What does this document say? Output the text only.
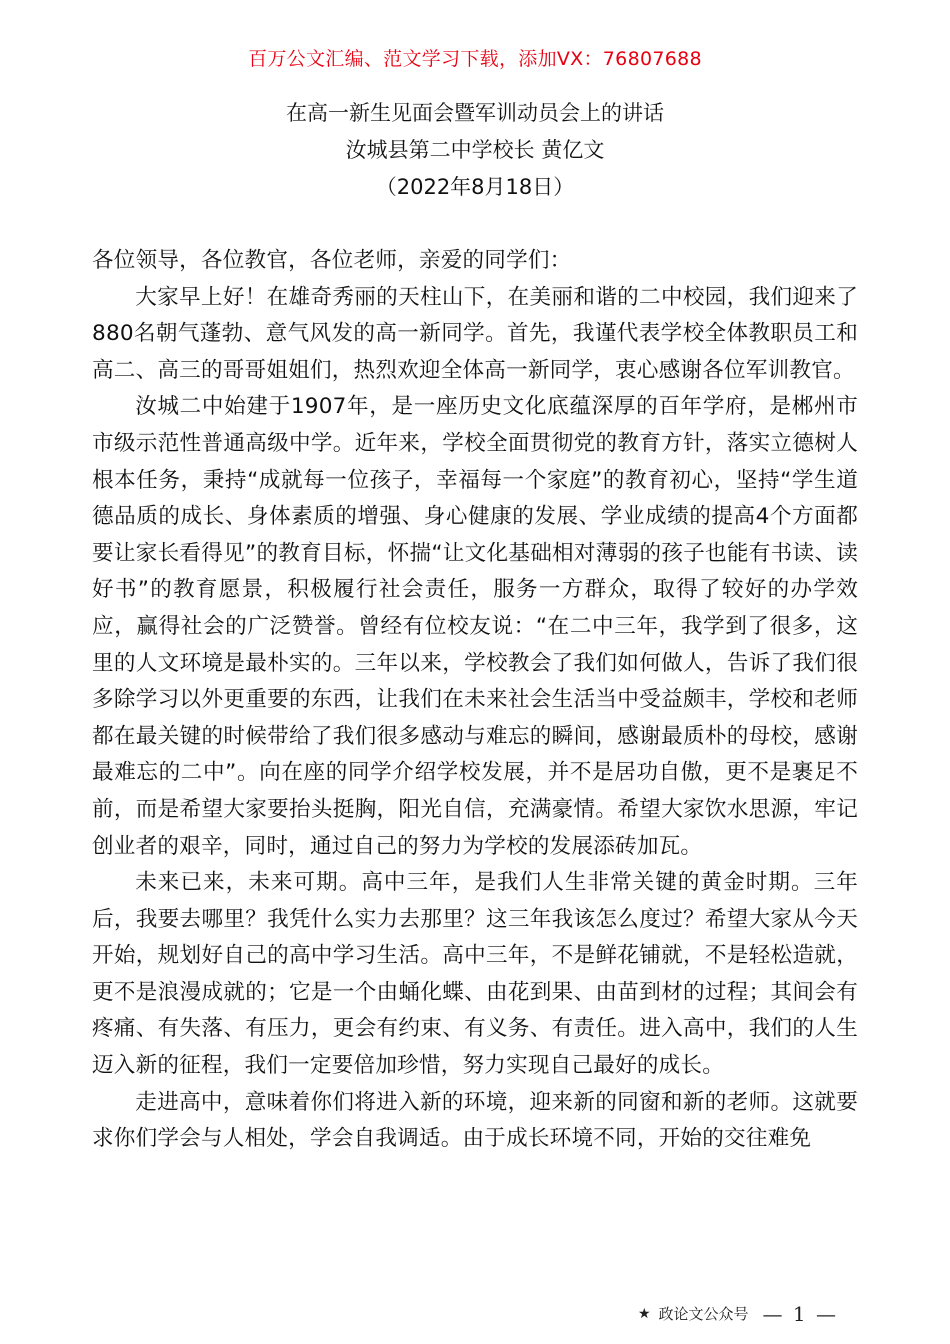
百万公文汇编、范文学习下载，添加VX：76807688
在高一新生见面会暨军训动员会上的讲话
汝城县第二中学校长 黄亿文
（2022年8月18日）

各位领导，各位教官，各位老师，亲爱的同学们：

大家早上好！在雄奇秀丽的天柱山下，在美丽和谐的二中校园，我们迎来了880名朝气蓬勃、意气风发的高一新同学。首先，我谨代表学校全体教职员工和高二、高三的哥哥姐姐们，热烈欢迎全体高一新同学，衷心感谢各位军训教官。

汝城二中始建于1907年，是一座历史文化底蕴深厚的百年学府，是郴州市市级示范性普通高级中学。近年来，学校全面贯彻党的教育方针，落实立德树人根本任务，秉持“成就每一位孩子，幸福每一个家庭”的教育初心，坚持“学生道德品质的成长、身体素质的增强、身心健康的发展、学业成绩的提高4个方面都要让家长看得见”的教育目标，怀揣“让文化基础相对薄弱的孩子也能有书读、读好书”的教育愿景，积极履行社会责任，服务一方群众，取得了较好的办学效应，赢得社会的广泛赞誉。曾经有位校友说：“在二中三年，我学到了很多，这里的人文环境是最朴实的。三年以来，学校教会了我们如何做人，告诉了我们很多除学习以外更重要的东西，让我们在未来社会生活当中受益颇丰，学校和老师都在最关键的时候带给了我们很多感动与难忘的瞬间，感谢最质朴的母校，感谢最难忘的二中”。向在座的同学介绍学校发展，并不是居功自傲，更不是裹足不前，而是希望大家要抬头挺胸，阳光自信，充满豪情。希望大家饮水思源，牢记创业者的艰辛，同时，通过自己的努力为学校的发展添砖加瓦。

未来已来，未来可期。高中三年，是我们人生非常关键的黄金时期。三年后，我要去哪里？我凭什么实力去那里？这三年我该怎么度过？希望大家从今天开始，规划好自己的高中学习生活。高中三年，不是鲜花铺就，不是轻松造就，更不是浪漫成就的；它是一个由蛹化蝶、由花到果、由苗到材的过程；其间会有疼痛、有失落、有压力，更会有约束、有义务、有责任。进入高中，我们的人生迈入新的征程，我们一定要倍加珍惜，努力实现自己最好的成长。

走进高中，意味着你们将进入新的环境，迎来新的同窗和新的老师。这就要求你们学会与人相处，学会自我调适。由于成长环境不同，开始的交往难免

★ 政论文公众号 — 1 —
